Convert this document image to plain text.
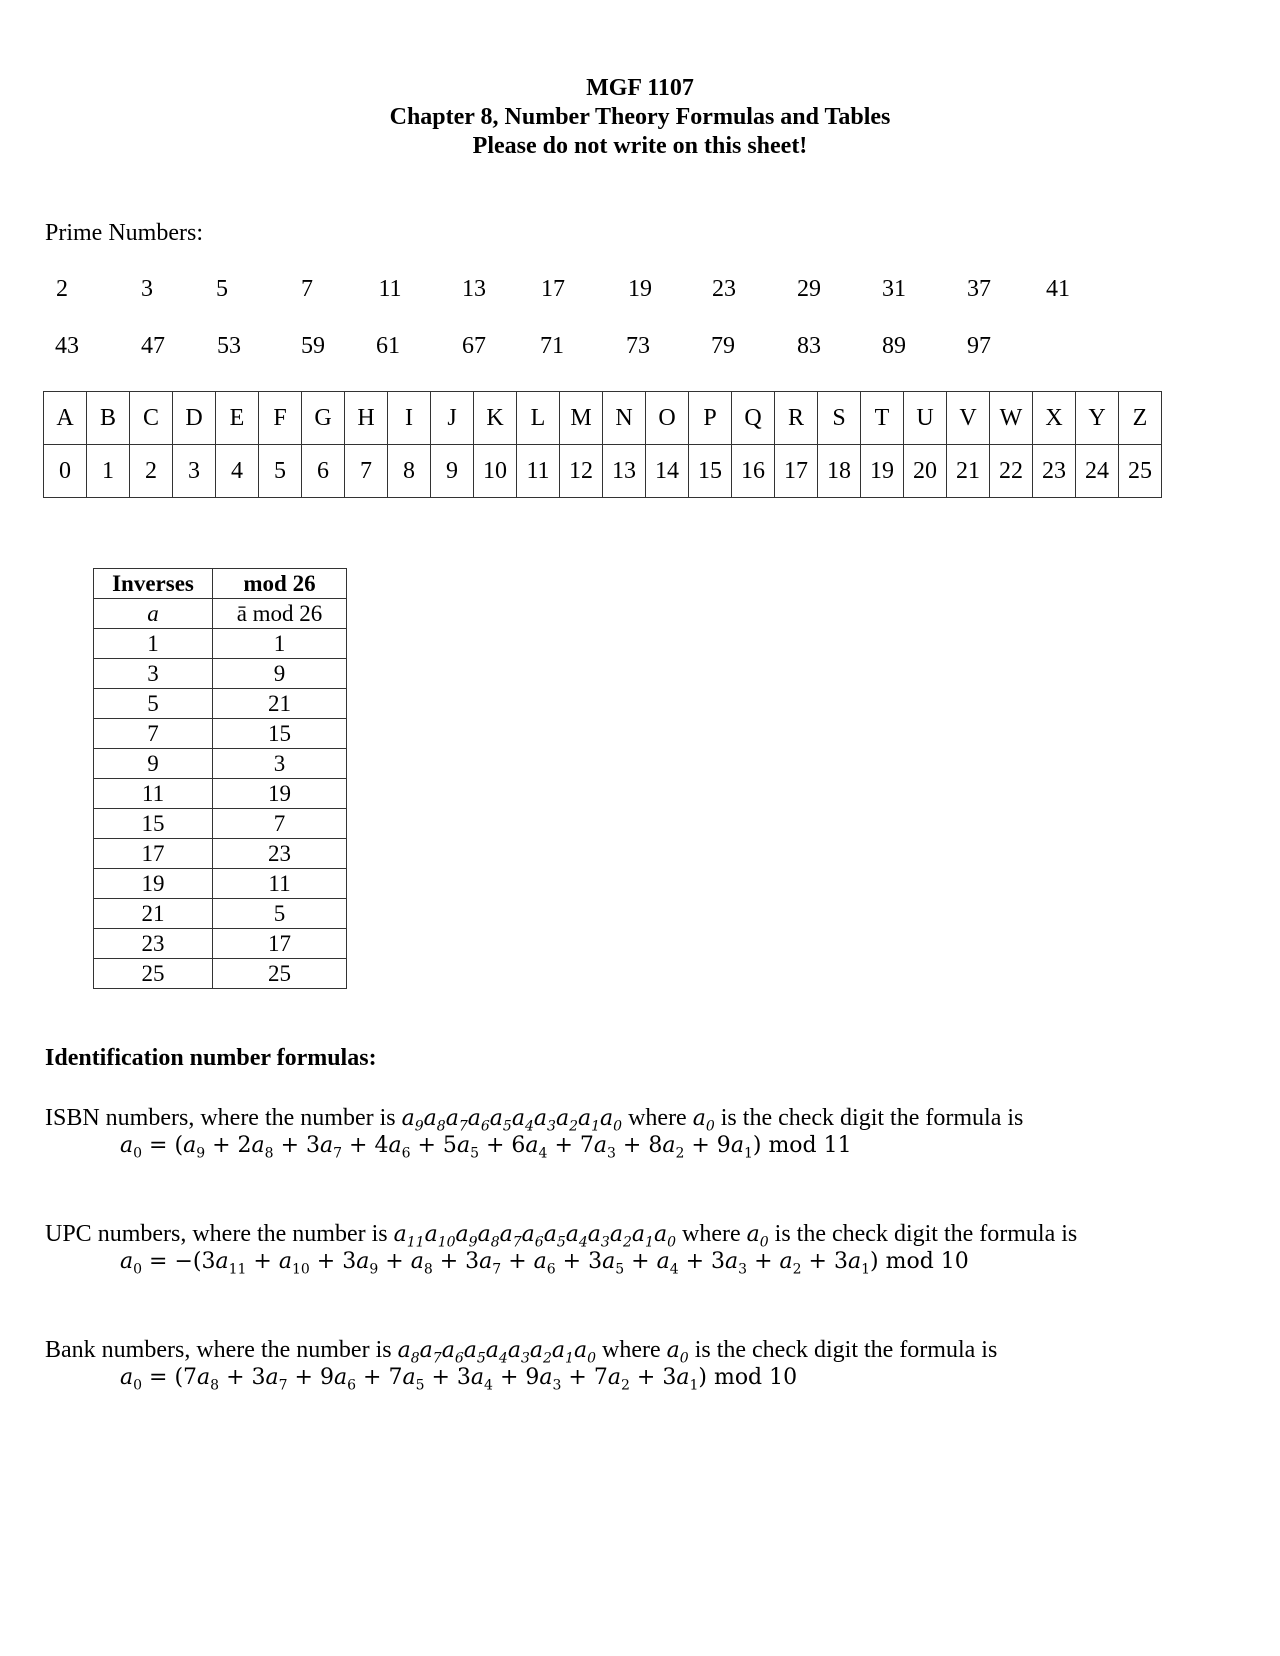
MGF 1107
Chapter 8, Number Theory Formulas and Tables
Please do not write on this sheet!
Prime Numbers:
2	3	5	7	11	13	17	19	23	29	31	37	41
43	47	53	59	61	67	71	73	79	83	89	97
A	B	C	D	E	F	G	H	I	J	K	L	M	N	O	P	Q	R	S	T	U	V	W	X	Y	Z
0	1	2	3	4	5	6	7	8	9	10	11	12	13	14	15	16	17	18	19	20	21	22	23	24	25
Inverses	mod 26
a	ā mod 26
1	1
3	9
5	21
7	15
9	3
11	19
15	7
17	23
19	11
21	5
23	17
25	25
Identification number formulas:
ISBN numbers, where the number is $a_9a_8a_7a_6a_5a_4a_3a_2a_1a_0$ where $a_0$ is the check digit the formula is
$a_0 = (a_9 + 2a_8 + 3a_7 + 4a_6 + 5a_5 + 6a_4 + 7a_3 + 8a_2 + 9a_1)$ mod 11
UPC numbers, where the number is $a_{11}a_{10}a_9a_8a_7a_6a_5a_4a_3a_2a_1a_0$ where $a_0$ is the check digit the formula is
$a_0 = -(3a_{11} + a_{10} + 3a_9 + a_8 + 3a_7 + a_6 + 3a_5 + a_4 + 3a_3 + a_2 + 3a_1)$ mod 10
Bank numbers, where the number is $a_8a_7a_6a_5a_4a_3a_2a_1a_0$ where $a_0$ is the check digit the formula is
$a_0 = (7a_8 + 3a_7 + 9a_6 + 7a_5 + 3a_4 + 9a_3 + 7a_2 + 3a_1)$ mod 10
